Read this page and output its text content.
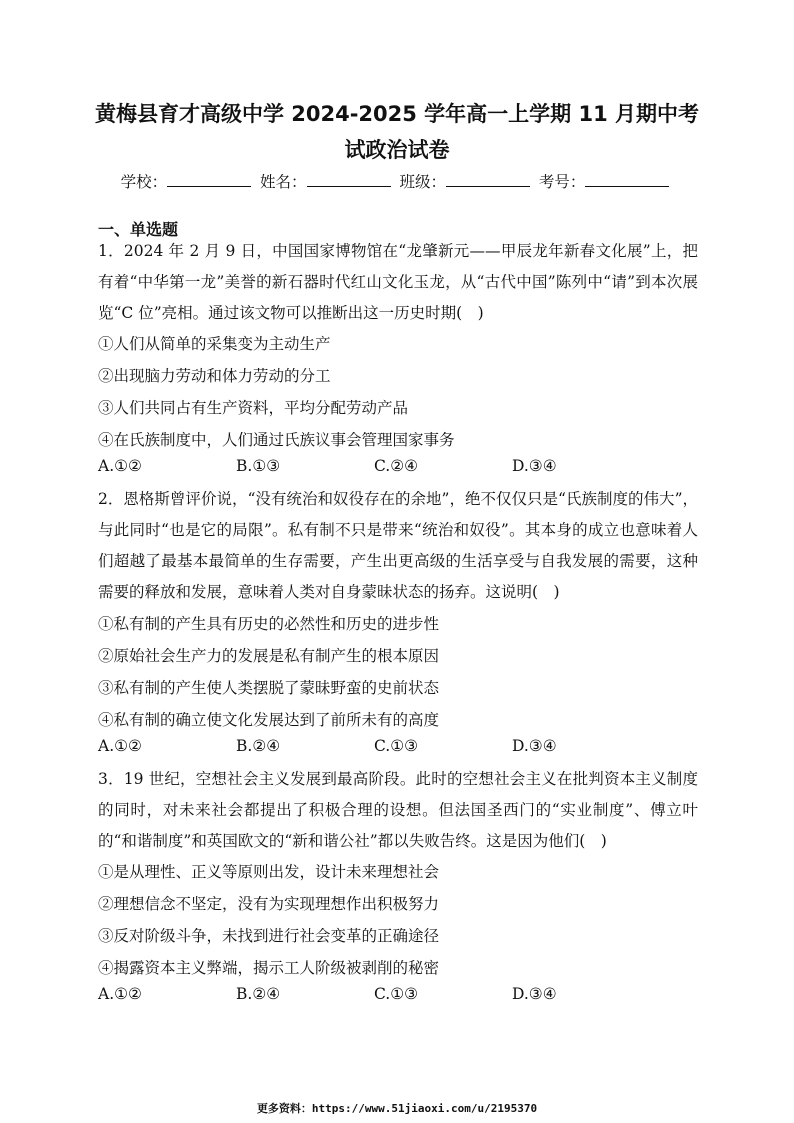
黄梅县育才高级中学 2024-2025 学年高一上学期 11 月期中考试政治试卷
学校：	姓名：	班级：	考号：
一、单选题
1．2024 年 2 月 9 日，中国国家博物馆在“龙肇新元——甲辰龙年新春文化展”上，把有着“中华第一龙”美誉的新石器时代红山文化玉龙，从“古代中国”陈列中“请”到本次展览“C 位”亮相。通过该文物可以推断出这一历史时期(　)
①人们从简单的采集变为主动生产
②出现脑力劳动和体力劳动的分工
③人们共同占有生产资料，平均分配劳动产品
④在氏族制度中，人们通过氏族议事会管理国家事务
A.①②	B.①③	C.②④	D.③④
2．恩格斯曾评价说，“没有统治和奴役存在的余地”，绝不仅仅只是“氏族制度的伟大”，与此同时“也是它的局限”。私有制不只是带来“统治和奴役”。其本身的成立也意味着人们超越了最基本最简单的生存需要，产生出更高级的生活享受与自我发展的需要，这种需要的释放和发展，意味着人类对自身蒙昧状态的扬弃。这说明(　)
①私有制的产生具有历史的必然性和历史的进步性
②原始社会生产力的发展是私有制产生的根本原因
③私有制的产生使人类摆脱了蒙昧野蛮的史前状态
④私有制的确立使文化发展达到了前所未有的高度
A.①②	B.②④	C.①③	D.③④
3．19 世纪，空想社会主义发展到最高阶段。此时的空想社会主义在批判资本主义制度的同时，对未来社会都提出了积极合理的设想。但法国圣西门的“实业制度”、傅立叶的“和谐制度”和英国欧文的“新和谐公社”都以失败告终。这是因为他们(　)
①是从理性、正义等原则出发，设计未来理想社会
②理想信念不坚定，没有为实现理想作出积极努力
③反对阶级斗争，未找到进行社会变革的正确途径
④揭露资本主义弊端，揭示工人阶级被剥削的秘密
A.①②	B.②④	C.①③	D.③④
更多资料：https://www.51jiaoxi.com/u/2195370
